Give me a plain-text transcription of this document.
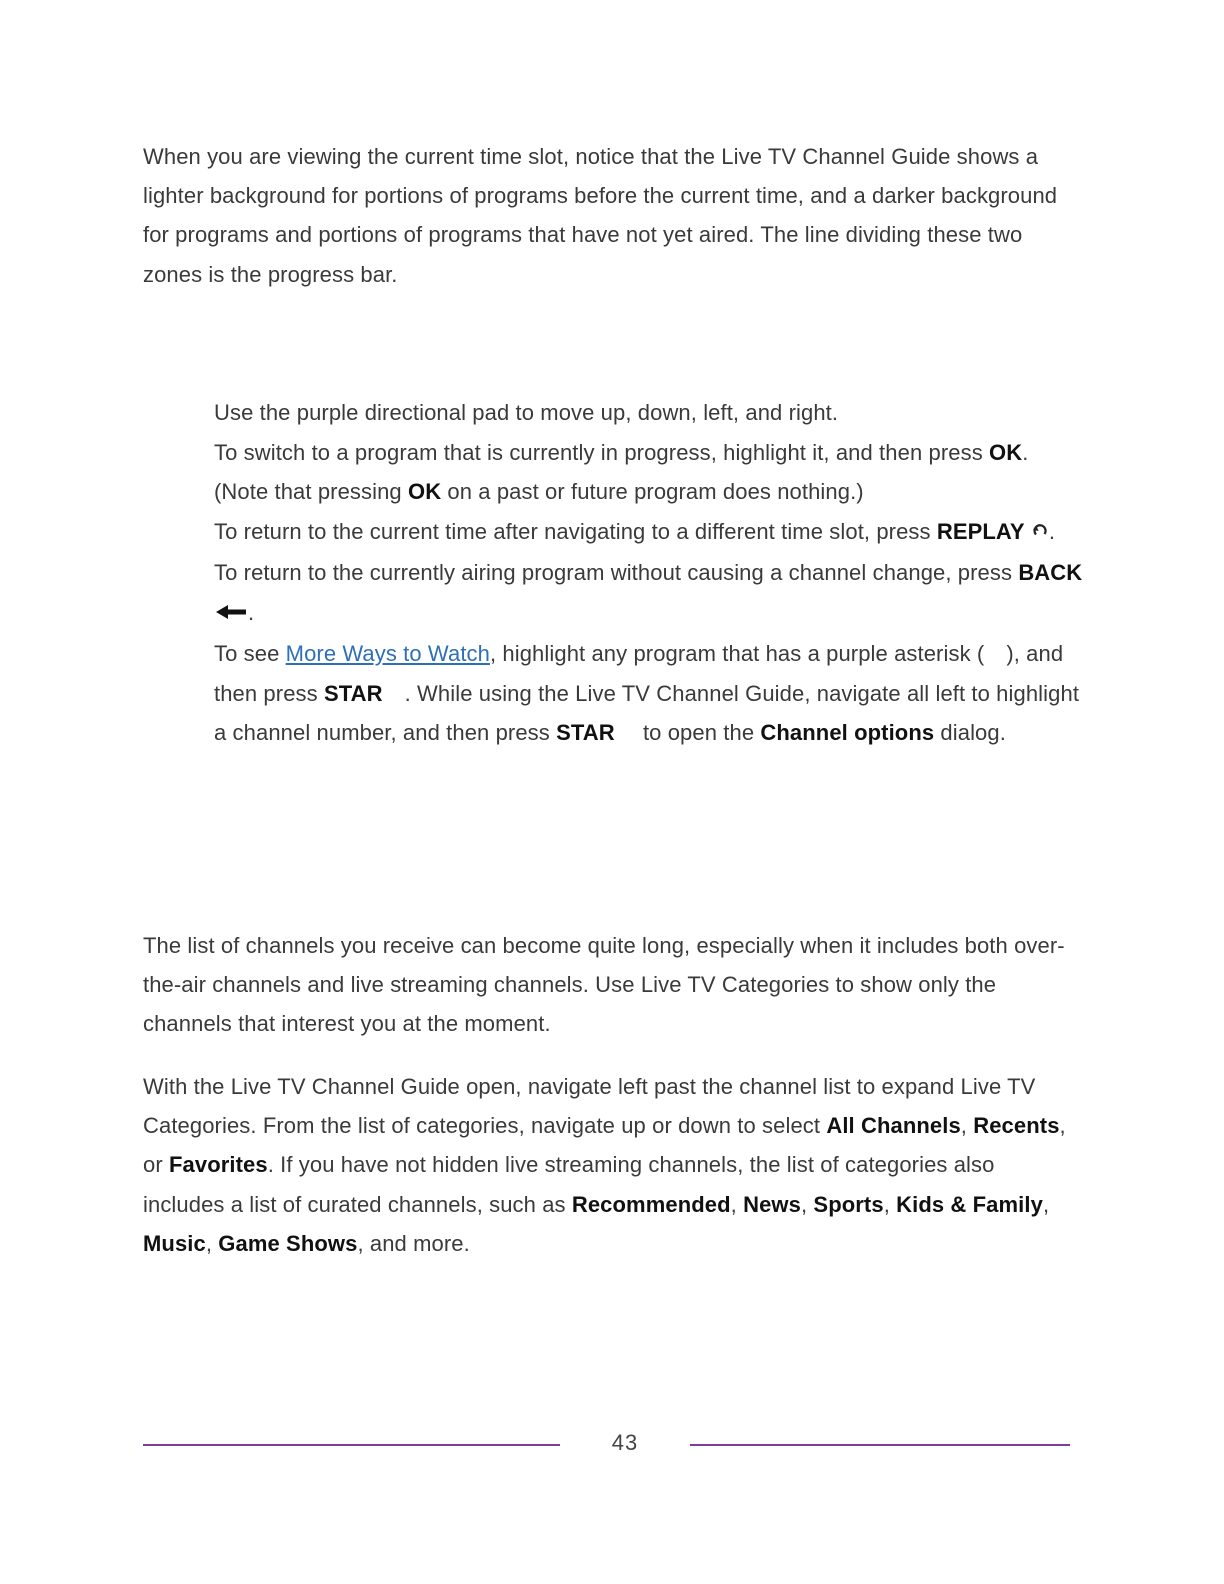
When you are viewing the current time slot, notice that the Live TV Channel Guide shows a lighter background for portions of programs before the current time, and a darker background for programs and portions of programs that have not yet aired. The line dividing these two zones is the progress bar.

Use the purple directional pad to move up, down, left, and right.
To switch to a program that is currently in progress, highlight it, and then press OK. (Note that pressing OK on a past or future program does nothing.)
To return to the current time after navigating to a different time slot, press REPLAY .
To return to the currently airing program without causing a channel change, press BACK .
To see More Ways to Watch, highlight any program that has a purple asterisk ( ), and then press STAR . While using the Live TV Channel Guide, navigate all left to highlight a channel number, and then press STAR to open the Channel options dialog.

The list of channels you receive can become quite long, especially when it includes both over-the-air channels and live streaming channels. Use Live TV Categories to show only the channels that interest you at the moment.

With the Live TV Channel Guide open, navigate left past the channel list to expand Live TV Categories. From the list of categories, navigate up or down to select All Channels, Recents, or Favorites. If you have not hidden live streaming channels, the list of categories also includes a list of curated channels, such as Recommended, News, Sports, Kids & Family, Music, Game Shows, and more.

43
